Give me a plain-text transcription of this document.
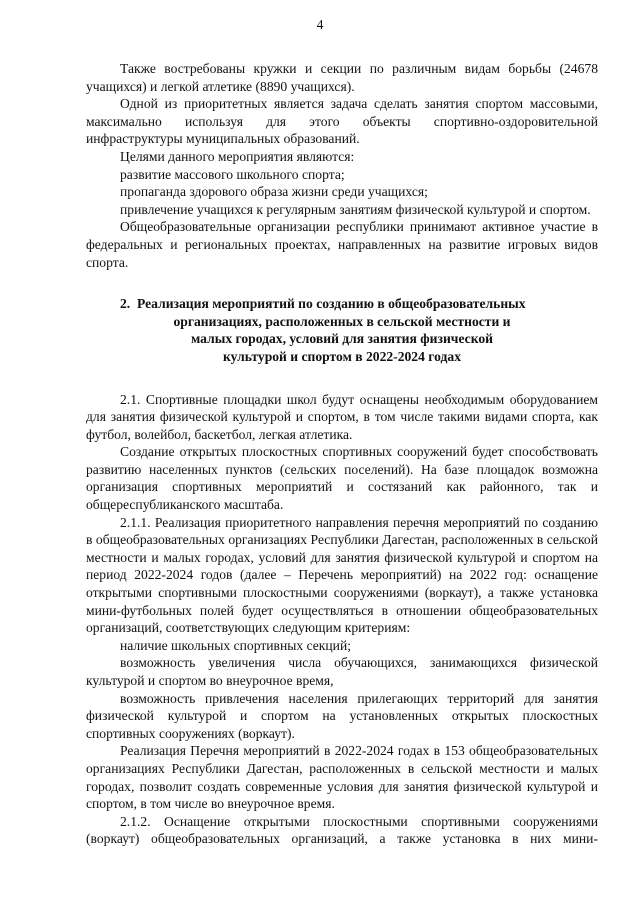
4

Также востребованы кружки и секции по различным видам борьбы (24678 учащихся) и легкой атлетике (8890 учащихся).

Одной из приоритетных является задача сделать занятия спортом массовыми, максимально используя для этого объекты спортивно-оздоровительной инфраструктуры муниципальных образований.

Целями данного мероприятия являются:

развитие массового школьного спорта;

пропаганда здорового образа жизни среди учащихся;

привлечение учащихся к регулярным занятиям физической культурой и спортом.

Общеобразовательные организации республики принимают активное участие в федеральных и региональных проектах, направленных на развитие игровых видов спорта.

2. Реализация мероприятий по созданию в общеобразовательных
организациях, расположенных в сельской местности и
малых городах, условий для занятия физической
культурой и спортом в 2022-2024 годах

2.1. Спортивные площадки школ будут оснащены необходимым оборудованием для занятия физической культурой и спортом, в том числе такими видами спорта, как футбол, волейбол, баскетбол, легкая атлетика.

Создание открытых плоскостных спортивных сооружений будет способствовать развитию населенных пунктов (сельских поселений). На базе площадок возможна организация спортивных мероприятий и состязаний как районного, так и общереспубликанского масштаба.

2.1.1. Реализация приоритетного направления перечня мероприятий по созданию в общеобразовательных организациях Республики Дагестан, расположенных в сельской местности и малых городах, условий для занятия физической культурой и спортом на период 2022-2024 годов (далее – Перечень мероприятий) на 2022 год: оснащение открытыми спортивными плоскостными сооружениями (воркаут), а также установка мини-футбольных полей будет осуществляться в отношении общеобразовательных организаций, соответствующих следующим критериям:

наличие школьных спортивных секций;

возможность увеличения числа обучающихся, занимающихся физической культурой и спортом во внеурочное время,

возможность привлечения населения прилегающих территорий для занятия физической культурой и спортом на установленных открытых плоскостных спортивных сооружениях (воркаут).

Реализация Перечня мероприятий в 2022-2024 годах в 153 общеобразовательных организациях Республики Дагестан, расположенных в сельской местности и малых городах, позволит создать современные условия для занятия физической культурой и спортом, в том числе во внеурочное время.

2.1.2. Оснащение открытыми плоскостными спортивными сооружениями (воркаут) общеобразовательных организаций, а также установка в них мини-
